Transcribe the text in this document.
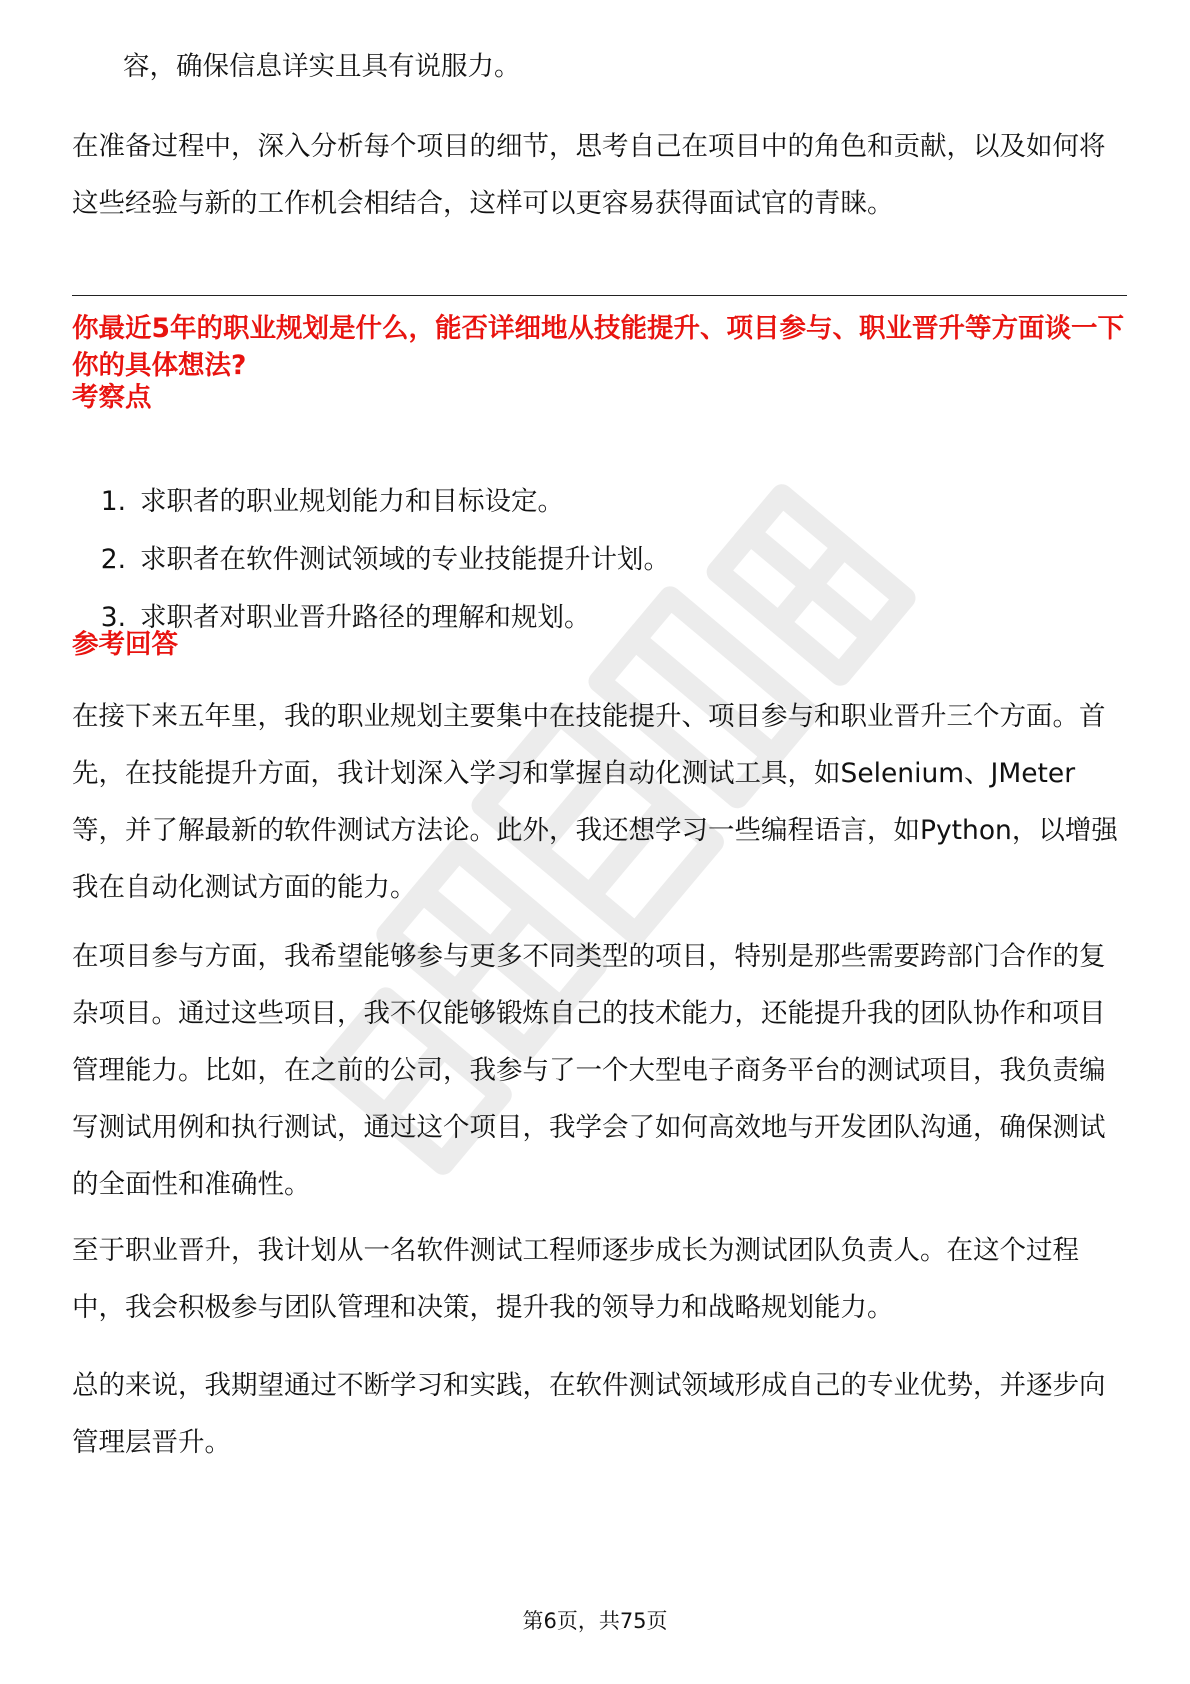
容，确保信息详实且具有说服力。

在准备过程中，深入分析每个项目的细节，思考自己在项目中的角色和贡献，以及如何将这些经验与新的工作机会相结合，这样可以更容易获得面试官的青睐。

你最近5年的职业规划是什么，能否详细地从技能提升、项目参与、职业晋升等方面谈一下你的具体想法?
考察点
1. 求职者的职业规划能力和目标设定。
2. 求职者在软件测试领域的专业技能提升计划。
3. 求职者对职业晋升路径的理解和规划。
参考回答

在接下来五年里，我的职业规划主要集中在技能提升、项目参与和职业晋升三个方面。首先，在技能提升方面，我计划深入学习和掌握自动化测试工具，如Selenium、JMeter等，并了解最新的软件测试方法论。此外，我还想学习一些编程语言，如Python，以增强我在自动化测试方面的能力。

在项目参与方面，我希望能够参与更多不同类型的项目，特别是那些需要跨部门合作的复杂项目。通过这些项目，我不仅能够锻炼自己的技术能力，还能提升我的团队协作和项目管理能力。比如，在之前的公司，我参与了一个大型电子商务平台的测试项目，我负责编写测试用例和执行测试，通过这个项目，我学会了如何高效地与开发团队沟通，确保测试的全面性和准确性。

至于职业晋升，我计划从一名软件测试工程师逐步成长为测试团队负责人。在这个过程中，我会积极参与团队管理和决策，提升我的领导力和战略规划能力。

总的来说，我期望通过不断学习和实践，在软件测试领域形成自己的专业优势，并逐步向管理层晋升。

第6页，共75页
